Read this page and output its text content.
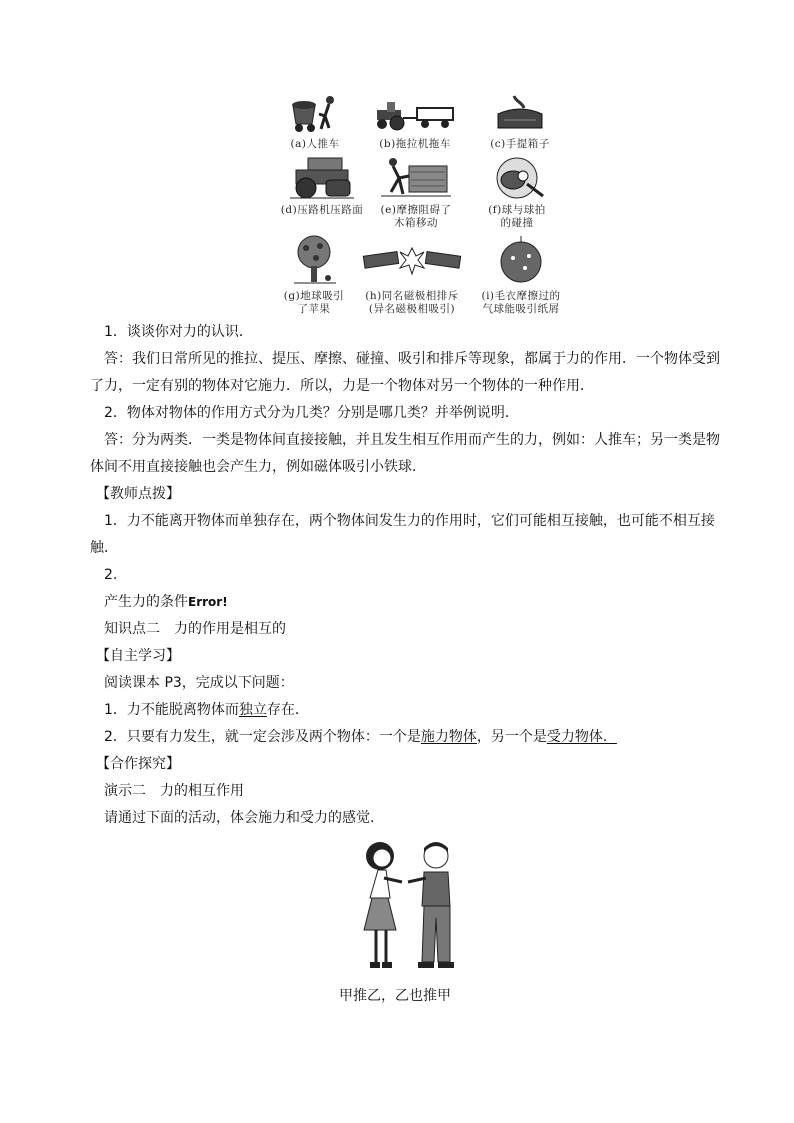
(a)人推车	(b)拖拉机拖车	(c)手提箱子
(d)压路机压路面	(e)摩擦阻碍了
木箱移动
(f)球与球拍
的碰撞
(g)地球吸引
了苹果
(h)同名磁极相排斥
(异名磁极相吸引)
(i)毛衣摩擦过的
气球能吸引纸屑
1．谈谈你对力的认识．
答：我们日常所见的推拉、提压、摩擦、碰撞、吸引和排斥等现象，都属于力的作用．一个物体受到
了力，一定有别的物体对它施力．所以，力是一个物体对另一个物体的一种作用．
2．物体对物体的作用方式分为几类？分别是哪几类？并举例说明．
答：分为两类．一类是物体间直接接触，并且发生相互作用而产生的力，例如：人推车；另一类是物
体间不用直接接触也会产生力，例如磁体吸引小铁球．
【教师点拨】
1．力不能离开物体而单独存在，两个物体间发生力的作用时，它们可能相互接触，也可能不相互接
触．
2.
产生力的条件Error!
知识点二　力的作用是相互的
【自主学习】
阅读课本 P3，完成以下问题：
1．力不能脱离物体而独立存在．
2．只要有力发生，就一定会涉及两个物体：一个是施力物体，另一个是受力物体．
【合作探究】
演示二　力的相互作用
请通过下面的活动，体会施力和受力的感觉．
甲推乙，乙也推甲
